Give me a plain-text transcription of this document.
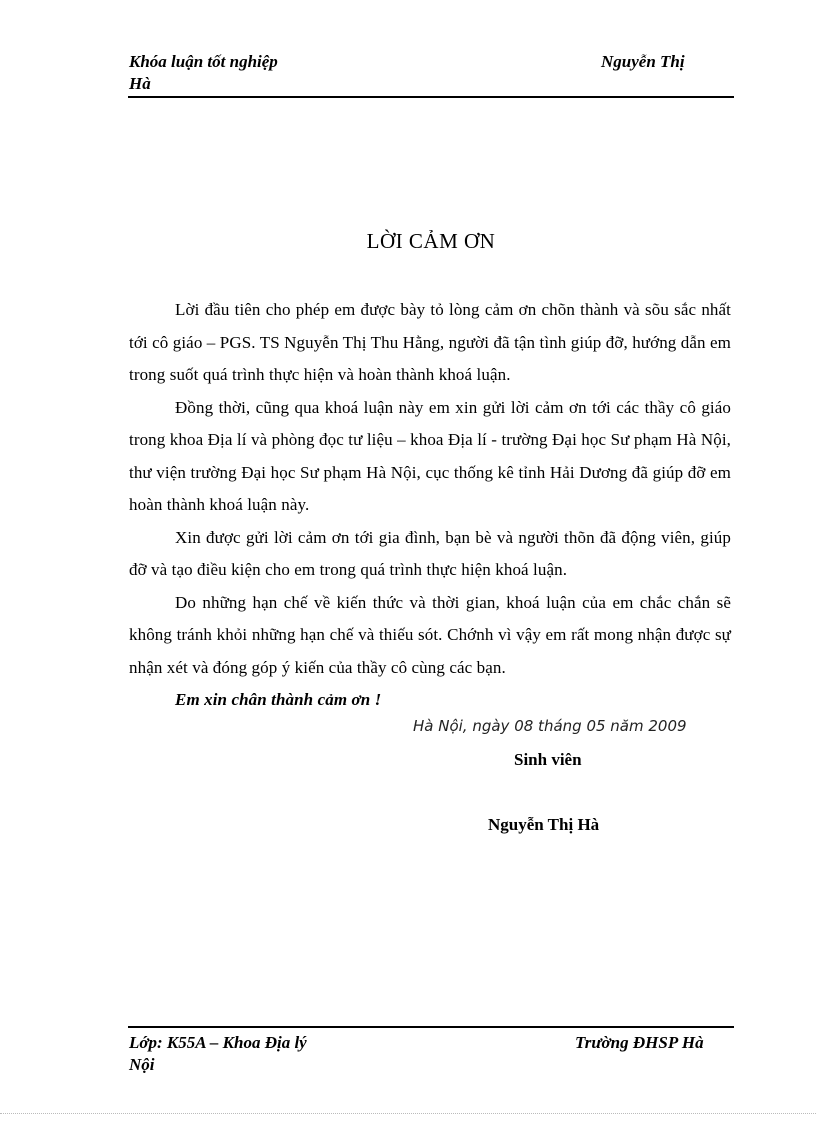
Khóa luận tốt nghiệp
Hà
Nguyễn Thị
LỜI CẢM ƠN

Lời đầu tiên cho phép em được bày tỏ lòng cảm ơn chõn thành và sõu sắc nhất tới cô giáo – PGS. TS Nguyễn Thị Thu Hằng, người đã tận tình giúp đỡ, hướng dẫn em trong suốt quá trình thực hiện và hoàn thành khoá luận.

Đồng thời, cũng qua khoá luận này em xin gửi lời cảm ơn tới các thầy cô giáo trong khoa Địa lí và phòng đọc tư liệu – khoa Địa lí - trường Đại học Sư phạm Hà Nội, thư viện trường Đại học Sư phạm Hà Nội, cục thống kê tỉnh Hải Dương đã giúp đỡ em hoàn thành khoá luận này.

Xin được gửi lời cảm ơn tới gia đình, bạn bè và người thõn đã động viên, giúp đỡ và tạo điều kiện cho em trong quá trình thực hiện khoá luận.

Do những hạn chế về kiến thức và thời gian, khoá luận của em chắc chắn sẽ không tránh khỏi những hạn chế và thiếu sót. Chớnh vì vậy em rất mong nhận được sự nhận xét và đóng góp ý kiến của thầy cô cùng các bạn.

Em xin chân thành cảm ơn !

Hà Nội, ngày 08 tháng 05 năm 2009
Sinh viên
Nguyễn Thị Hà
Lớp: K55A – Khoa Địa lý
Nội
Trường ĐHSP Hà
